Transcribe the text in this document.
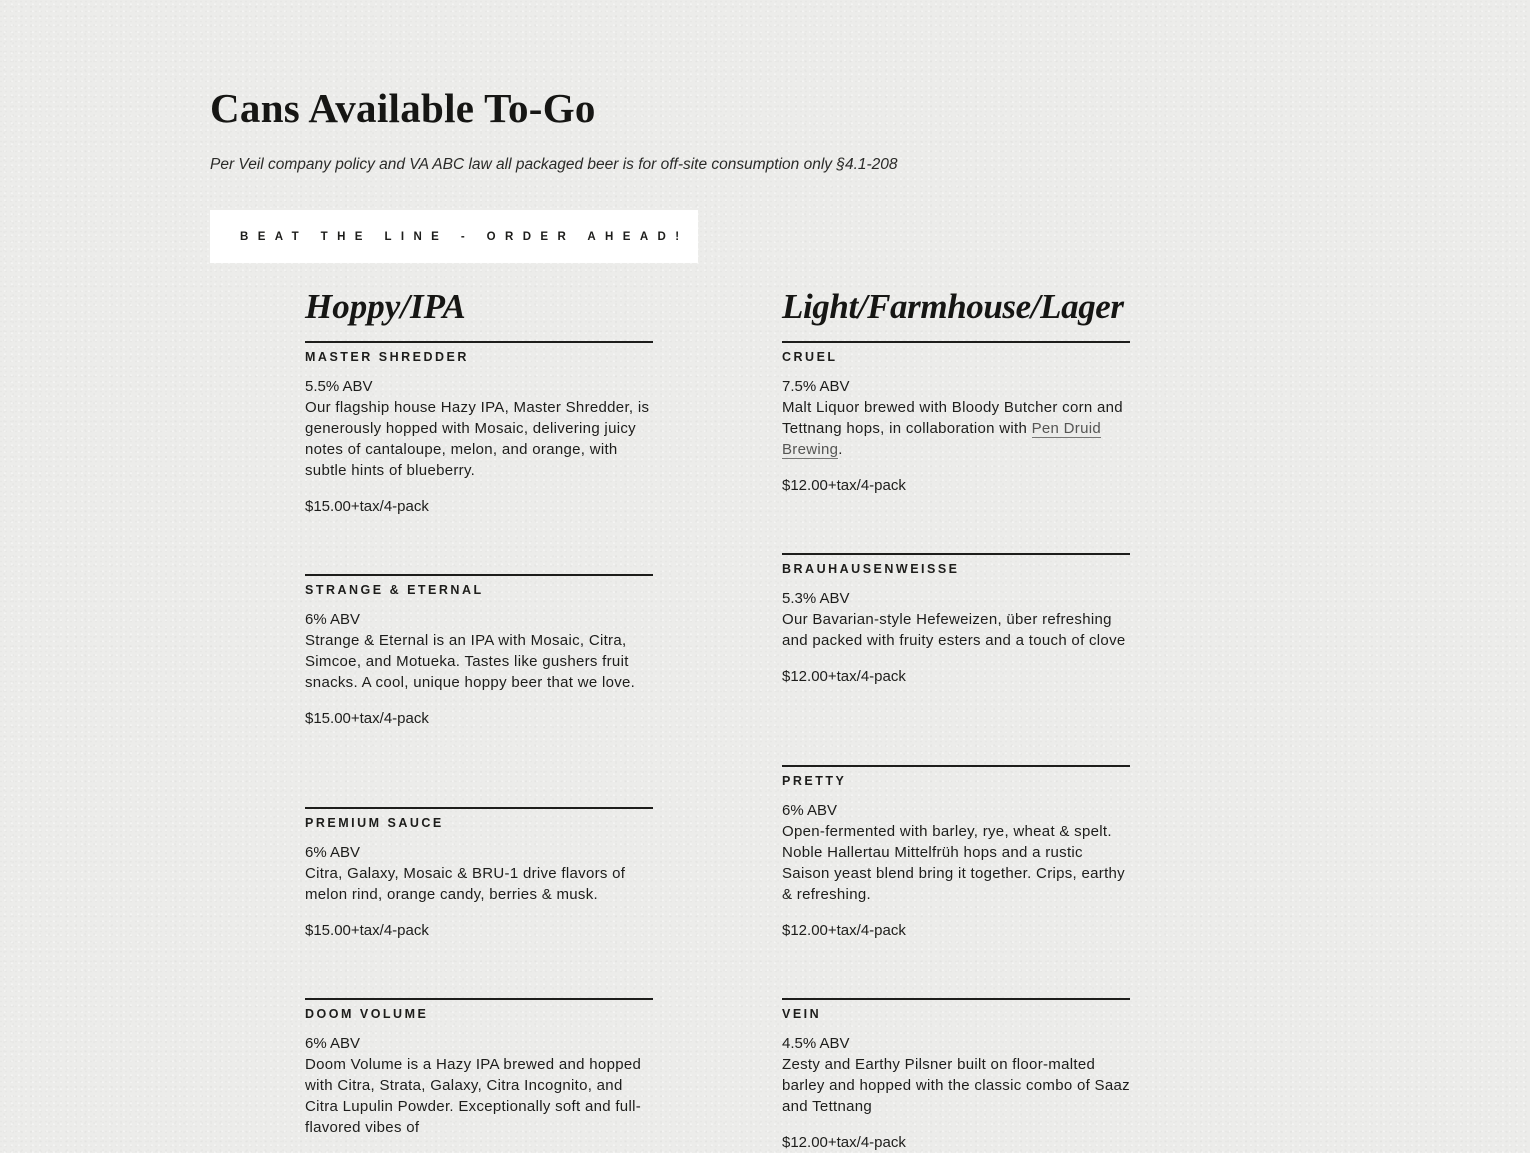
Cans Available To-Go

Per Veil company policy and VA ABC law all packaged beer is for off-site consumption only §4.1-208

BEAT THE LINE - ORDER AHEAD!
Hoppy/IPA
MASTER SHREDDER

5.5% ABV

Our flagship house Hazy IPA, Master Shredder, is generously hopped with Mosaic, delivering juicy notes of cantaloupe, melon, and orange, with subtle hints of blueberry.

$15.00+tax/4-pack

STRANGE & ETERNAL

6% ABV

Strange & Eternal is an IPA with Mosaic, Citra, Simcoe, and Motueka. Tastes like gushers fruit snacks. A cool, unique hoppy beer that we love.

$15.00+tax/4-pack

PREMIUM SAUCE

6% ABV

Citra, Galaxy, Mosaic & BRU-1 drive flavors of melon rind, orange candy, berries & musk.

$15.00+tax/4-pack

DOOM VOLUME

6% ABV

Doom Volume is a Hazy IPA brewed and hopped with Citra, Strata, Galaxy, Citra Incognito, and Citra Lupulin Powder. Exceptionally soft and full-flavored vibes of

Light/Farmhouse/Lager
CRUEL

7.5% ABV

Malt Liquor brewed with Bloody Butcher corn and Tettnang hops, in collaboration with Pen Druid Brewing.

$12.00+tax/4-pack

BRAUHAUSENWEISSE

5.3% ABV

Our Bavarian-style Hefeweizen, über refreshing and packed with fruity esters and a touch of clove

$12.00+tax/4-pack

PRETTY

6% ABV

Open-fermented with barley, rye, wheat & spelt. Noble Hallertau Mittelfrüh hops and a rustic Saison yeast blend bring it together. Crips, earthy & refreshing.

$12.00+tax/4-pack

VEIN

4.5% ABV

Zesty and Earthy Pilsner built on floor-malted barley and hopped with the classic combo of Saaz and Tettnang

$12.00+tax/4-pack
